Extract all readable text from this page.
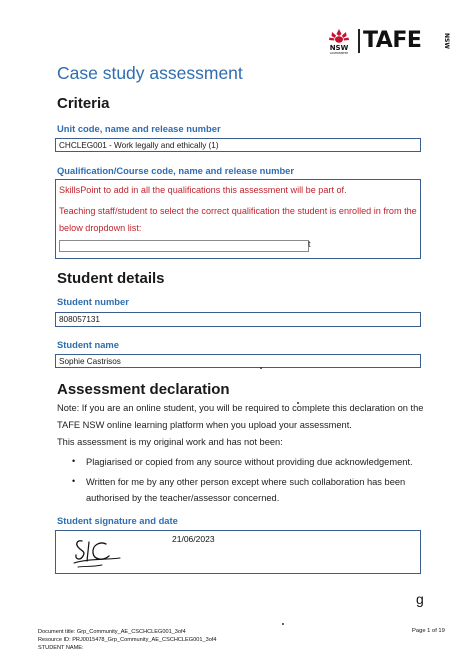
NSW
GOVERNMENT
TAFE	NSW
Case study assessment
Criteria
Unit code, name and release number
CHCLEG001 - Work legally and ethically (1)
Qualification/Course code, name and release number
SkillsPoint to add in all the qualifications this assessment will be part of.
Teaching staff/student to select the correct qualification the student is enrolled in from the below dropdown list:
t
Student details
Student number
808057131
Student name
Sophie Castrisos
Assessment declaration
Note: If you are an online student, you will be required to complete this declaration on the TAFE NSW online learning platform when you upload your assessment.
This assessment is my original work and has not been:
• Plagiarised or copied from any source without providing due acknowledgement.
• Written for me by any other person except where such collaboration has been authorised by the teacher/assessor concerned.
Student signature and date
21/06/2023
g
Document title: Grp_Community_AE_CSCHCLEG001_3of4
Resource ID: PRJ0015478_Grp_Community_AE_CSCHCLEG001_3of4
STUDENT NAME:
Page 1 of 19
